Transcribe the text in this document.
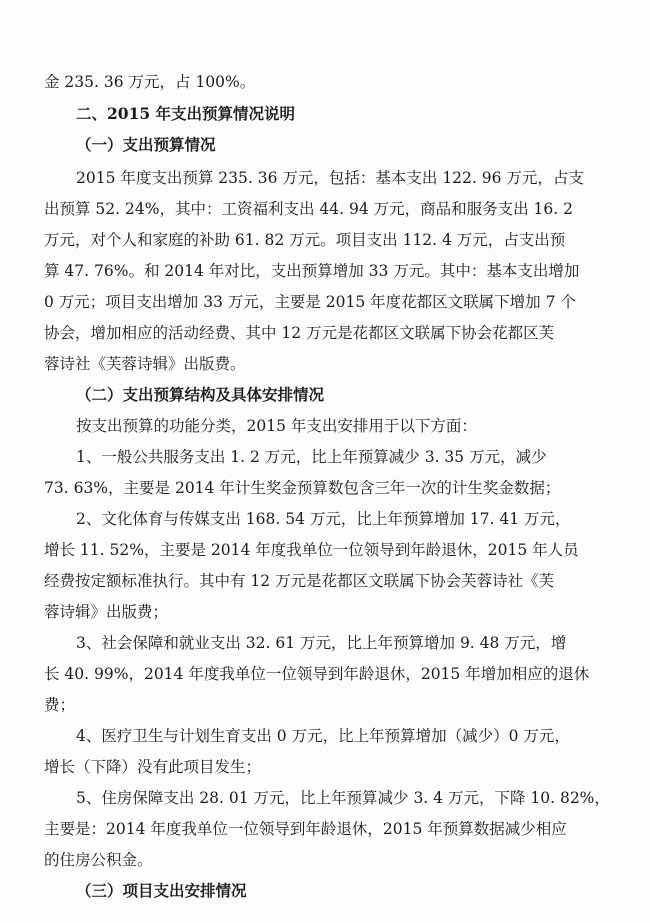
金 235. 36 万元，占 100%。
二、2015 年支出预算情况说明
（一）支出预算情况
2015 年度支出预算 235. 36 万元，包括：基本支出 122. 96 万元，占支
出预算 52. 24%，其中：工资福利支出 44. 94 万元，商品和服务支出 16. 2
万元，对个人和家庭的补助 61. 82 万元。项目支出 112. 4 万元，占支出预
算 47. 76%。和 2014 年对比，支出预算增加 33 万元。其中：基本支出增加
0 万元；项目支出增加 33 万元，主要是 2015 年度花都区文联属下增加 7 个
协会，增加相应的活动经费、其中 12 万元是花都区文联属下协会花都区芙
蓉诗社《芙蓉诗辑》出版费。
（二）支出预算结构及具体安排情况
按支出预算的功能分类，2015 年支出安排用于以下方面：
1、一般公共服务支出 1. 2 万元，比上年预算减少 3. 35 万元，减少
73. 63%，主要是 2014 年计生奖金预算数包含三年一次的计生奖金数据；
2、文化体育与传媒支出 168. 54 万元，比上年预算增加 17. 41 万元，
增长 11. 52%，主要是 2014 年度我单位一位领导到年龄退休，2015 年人员
经费按定额标准执行。其中有 12 万元是花都区文联属下协会芙蓉诗社《芙
蓉诗辑》出版费；
3、社会保障和就业支出 32. 61 万元，比上年预算增加 9. 48 万元，增
长 40. 99%，2014 年度我单位一位领导到年龄退休，2015 年增加相应的退休
费；
4、医疗卫生与计划生育支出 0 万元，比上年预算增加（减少）0 万元，
增长（下降）没有此项目发生；
5、住房保障支出 28. 01 万元，比上年预算减少 3. 4 万元，下降 10. 82%，
主要是：2014 年度我单位一位领导到年龄退休，2015 年预算数据减少相应
的住房公积金。
（三）项目支出安排情况
